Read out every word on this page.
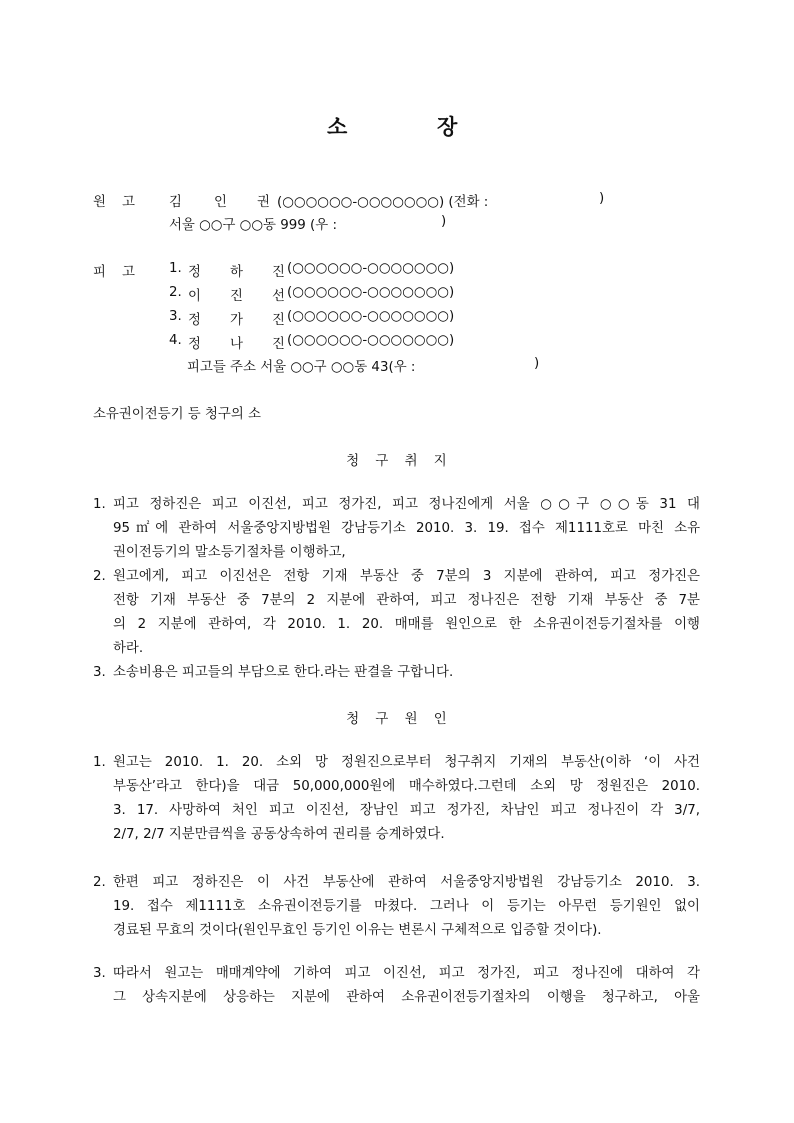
소	장
원 고	김 인 권 (○○○○○○-○○○○○○○) (전화 :	)
서울 ○○구 ○○동 999 (우 :	)
피 고	1. 정 하 진 (○○○○○○-○○○○○○○)
2. 이 진 선 (○○○○○○-○○○○○○○)
3. 정 가 진 (○○○○○○-○○○○○○○)
4. 정 나 진 (○○○○○○-○○○○○○○)
피고들 주소 서울 ○○구 ○○동 43(우 :	)
소유권이전등기 등 청구의 소
청 구 취 지
1. 피고 정하진은 피고 이진선, 피고 정가진, 피고 정나진에게 서울 ○○구 ○○동 31 대
95㎡에 관하여 서울중앙지방법원 강남등기소 2010. 3. 19. 접수 제1111호로 마친 소유
권이전등기의 말소등기절차를 이행하고,
2. 원고에게, 피고 이진선은 전항 기재 부동산 중 7분의 3 지분에 관하여, 피고 정가진은
전항 기재 부동산 중 7분의 2 지분에 관하여, 피고 정나진은 전항 기재 부동산 중 7분
의 2 지분에 관하여, 각 2010. 1. 20. 매매를 원인으로 한 소유권이전등기절차를 이행
하라.
3. 소송비용은 피고들의 부담으로 한다.라는 판결을 구합니다.
청 구 원 인
1. 원고는 2010. 1. 20. 소외 망 정원진으로부터 청구취지 기재의 부동산(이하 ‘이 사건
부동산’라고 한다)을 대금 50,000,000원에 매수하였다.그런데 소외 망 정원진은 2010.
3. 17. 사망하여 처인 피고 이진선, 장남인 피고 정가진, 차남인 피고 정나진이 각 3/7,
2/7, 2/7 지분만큼씩을 공동상속하여 권리를 승계하였다.
2. 한편 피고 정하진은 이 사건 부동산에 관하여 서울중앙지방법원 강남등기소 2010. 3.
19. 접수 제1111호 소유권이전등기를 마쳤다. 그러나 이 등기는 아무런 등기원인 없이
경료된 무효의 것이다(원인무효인 등기인 이유는 변론시 구체적으로 입증할 것이다).
3. 따라서 원고는 매매계약에 기하여 피고 이진선, 피고 정가진, 피고 정나진에 대하여 각
그 상속지분에 상응하는 지분에 관하여 소유권이전등기절차의 이행을 청구하고, 아울
